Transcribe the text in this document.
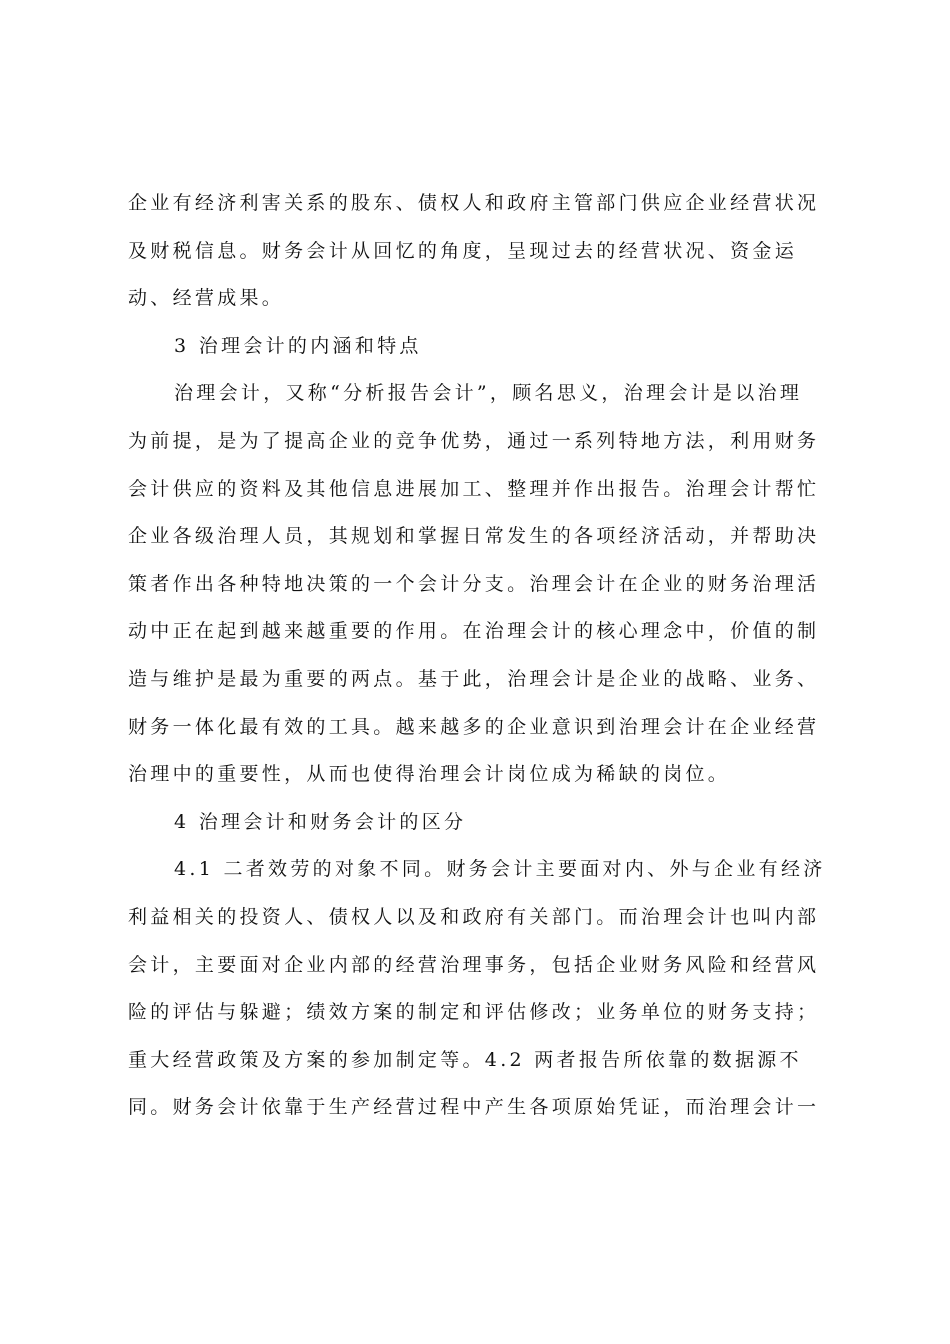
企业有经济利害关系的股东、债权人和政府主管部门供应企业经营状况
及财税信息。财务会计从回忆的角度，呈现过去的经营状况、资金运
动、经营成果。
3 治理会计的内涵和特点
治理会计，又称“分析报告会计”，顾名思义，治理会计是以治理
为前提，是为了提高企业的竞争优势，通过一系列特地方法，利用财务
会计供应的资料及其他信息进展加工、整理并作出报告。治理会计帮忙
企业各级治理人员，其规划和掌握日常发生的各项经济活动，并帮助决
策者作出各种特地决策的一个会计分支。治理会计在企业的财务治理活
动中正在起到越来越重要的作用。在治理会计的核心理念中，价值的制
造与维护是最为重要的两点。基于此，治理会计是企业的战略、业务、
财务一体化最有效的工具。越来越多的企业意识到治理会计在企业经营
治理中的重要性，从而也使得治理会计岗位成为稀缺的岗位。
4 治理会计和财务会计的区分
4.1 二者效劳的对象不同。财务会计主要面对内、外与企业有经济
利益相关的投资人、债权人以及和政府有关部门。而治理会计也叫内部
会计，主要面对企业内部的经营治理事务，包括企业财务风险和经营风
险的评估与躲避；绩效方案的制定和评估修改；业务单位的财务支持；
重大经营政策及方案的参加制定等。4.2 两者报告所依靠的数据源不
同。财务会计依靠于生产经营过程中产生各项原始凭证，而治理会计一
